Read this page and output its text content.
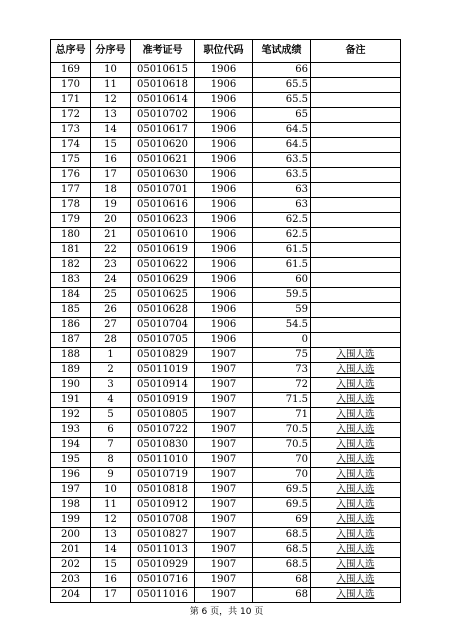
总序号	分序号	准考证号	职位代码	笔试成绩	备注
169	10	05010615	1906	66	
170	11	05010618	1906	65.5	
171	12	05010614	1906	65.5	
172	13	05010702	1906	65	
173	14	05010617	1906	64.5	
174	15	05010620	1906	64.5	
175	16	05010621	1906	63.5	
176	17	05010630	1906	63.5	
177	18	05010701	1906	63	
178	19	05010616	1906	63	
179	20	05010623	1906	62.5	
180	21	05010610	1906	62.5	
181	22	05010619	1906	61.5	
182	23	05010622	1906	61.5	
183	24	05010629	1906	60	
184	25	05010625	1906	59.5	
185	26	05010628	1906	59	
186	27	05010704	1906	54.5	
187	28	05010705	1906	0	
188	1	05010829	1907	75	入围人选
189	2	05011019	1907	73	入围人选
190	3	05010914	1907	72	入围人选
191	4	05010919	1907	71.5	入围人选
192	5	05010805	1907	71	入围人选
193	6	05010722	1907	70.5	入围人选
194	7	05010830	1907	70.5	入围人选
195	8	05011010	1907	70	入围人选
196	9	05010719	1907	70	入围人选
197	10	05010818	1907	69.5	入围人选
198	11	05010912	1907	69.5	入围人选
199	12	05010708	1907	69	入围人选
200	13	05010827	1907	68.5	入围人选
201	14	05011013	1907	68.5	入围人选
202	15	05010929	1907	68.5	入围人选
203	16	05010716	1907	68	入围人选
204	17	05011016	1907	68	入围人选
第 6 页，共 10 页
